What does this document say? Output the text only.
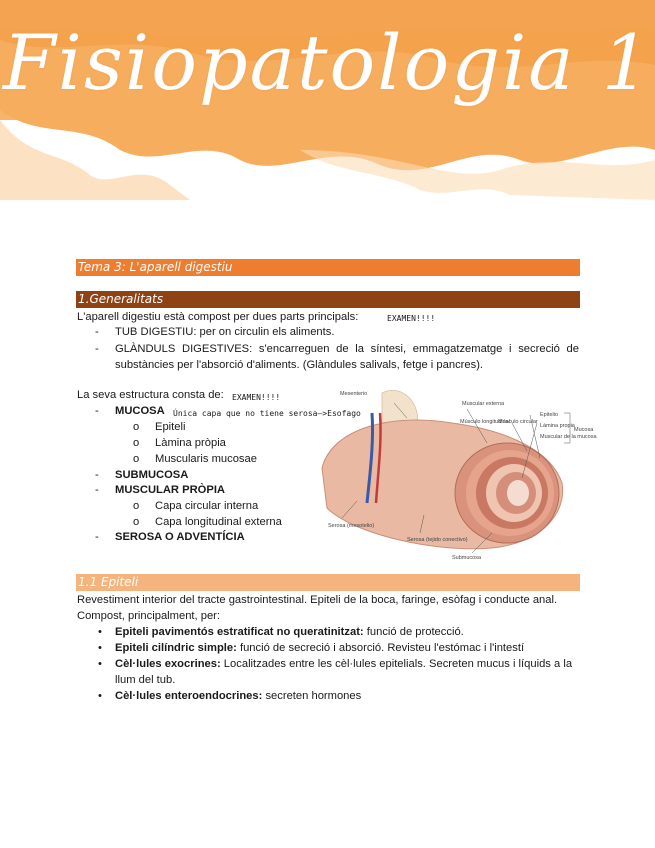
Fisiopatologia 1
Tema 3: L'aparell digestiu
1.Generalitats
L'aparell digestiu està compost per dues parts principals:	EXAMEN!!!!
- TUB DIGESTIU: per on circulin els aliments.
- GLÀNDULS DIGESTIVES: s'encarreguen de la síntesi, emmagatzematge i secreció de substàncies per l'absorció d'aliments. (Glàndules salivals, fetge i pancres).
La seva estructura consta de: EXAMEN!!!!
- MUCOSA Única capa que no tiene serosa—>Esofago
o Epiteli
o Làmina pròpia
o Muscularis mucosae
- SUBMUCOSA
- MUSCULAR PRÒPIA
o Capa circular interna
o Capa longitudinal externa
- SEROSA O ADVENTÍCIA
Mesenterio
Muscular externa
Músculo longitudinal
Músculo circular
Epitelio
Lámina propia
Muscular de la mucosa
Mucosa
Serosa (mesotelio)
Serosa (tejido conectivo)
Submucosa
1.1 Epiteli
Revestiment interior del tracte gastrointestinal. Epiteli de la boca, faringe, esòfag i conducte anal.
Compost, principalment, per:
• Epiteli pavimentós estratificat no queratinitzat: funció de protecció.
• Epiteli cilíndric simple: funció de secreció i absorció. Revisteu l'estómac i l'intestí
• Cèl·lules exocrines: Localitzades entre les cèl·lules epitelials. Secreten mucus i líquids a la
llum del tub.
• Cèl·lules enteroendocrines: secreten hormones
